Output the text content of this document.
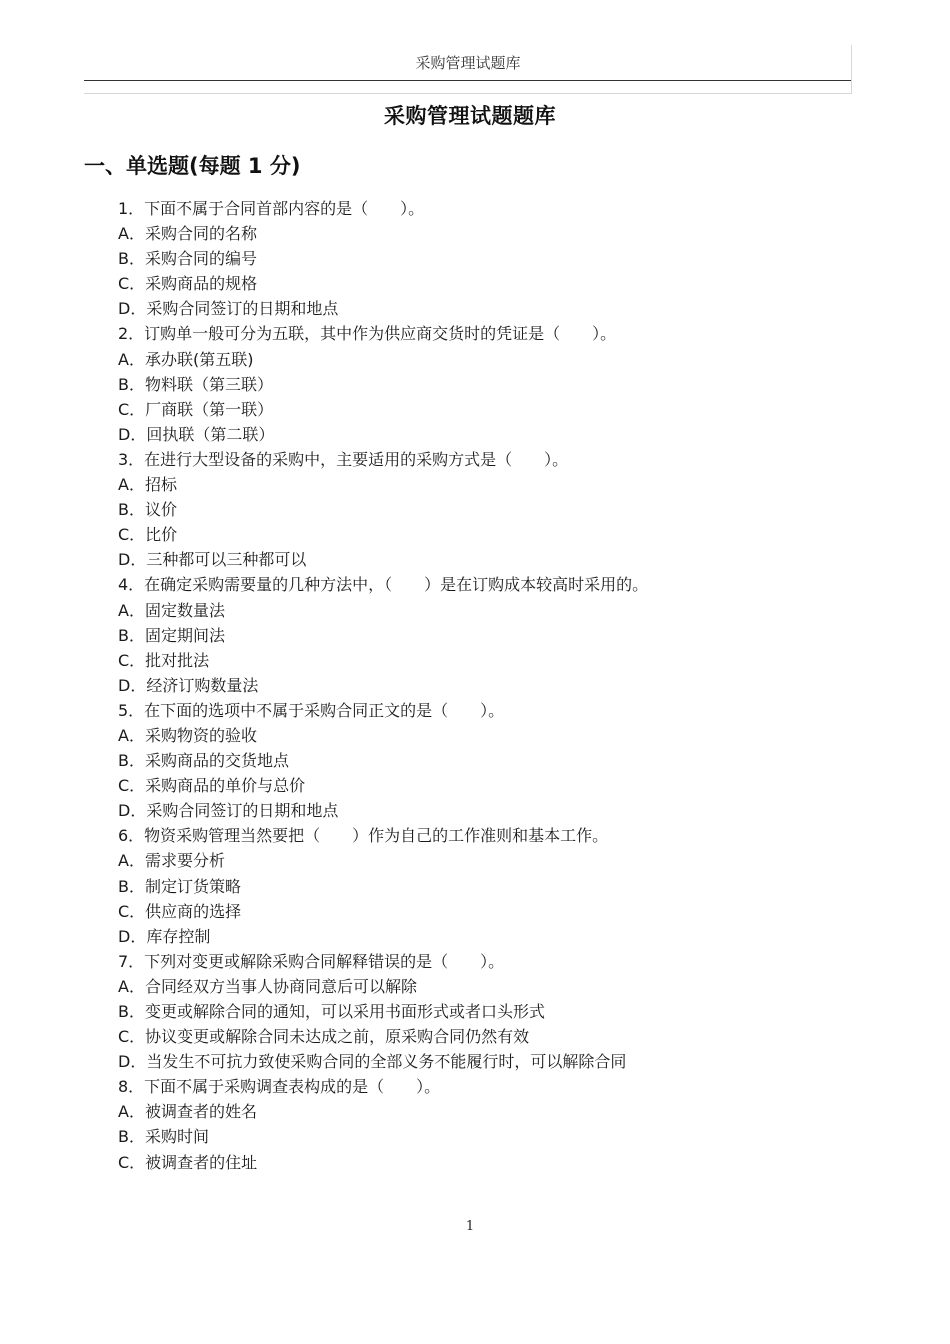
采购管理试题库
采购管理试题题库
一、单选题(每题 1 分)
1．下面不属于合同首部内容的是（　　）。
A．采购合同的名称
B．采购合同的编号
C．采购商品的规格
D．采购合同签订的日期和地点
2．订购单一般可分为五联，其中作为供应商交货时的凭证是（　　）。
A．承办联(第五联)
B．物料联（第三联）
C．厂商联（第一联）
D．回执联（第二联）
3．在进行大型设备的采购中，主要适用的采购方式是（　　）。
A．招标
B．议价
C．比价
D．三种都可以三种都可以
4．在确定采购需要量的几种方法中，（　　）是在订购成本较高时采用的。
A．固定数量法
B．固定期间法
C．批对批法
D．经济订购数量法
5．在下面的选项中不属于采购合同正文的是（　　）。
A．采购物资的验收
B．采购商品的交货地点
C．采购商品的单价与总价
D．采购合同签订的日期和地点
6．物资采购管理当然要把（　　）作为自己的工作准则和基本工作。
A．需求要分析
B．制定订货策略
C．供应商的选择
D．库存控制
7．下列对变更或解除采购合同解释错误的是（　　）。
A．合同经双方当事人协商同意后可以解除
B．变更或解除合同的通知，可以采用书面形式或者口头形式
C．协议变更或解除合同未达成之前，原采购合同仍然有效
D．当发生不可抗力致使采购合同的全部义务不能履行时，可以解除合同
8．下面不属于采购调查表构成的是（　　）。
A．被调查者的姓名
B．采购时间
C．被调查者的住址
1
